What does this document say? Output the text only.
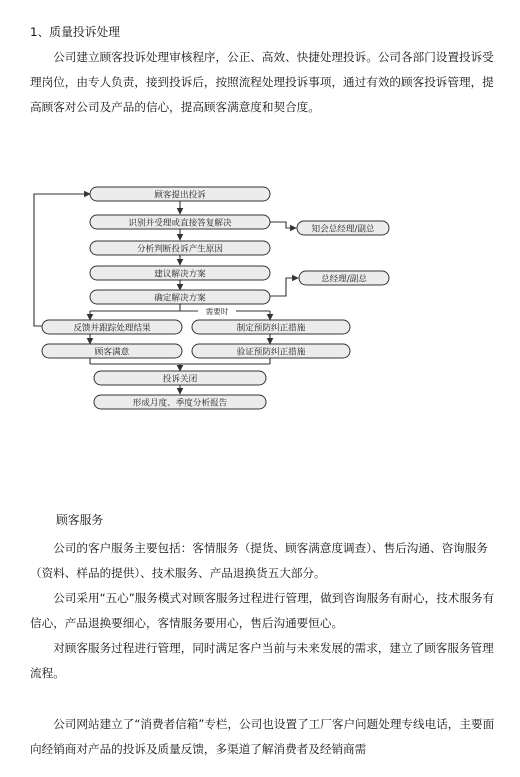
1、质量投诉处理

公司建立顾客投诉处理审核程序，公正、高效、快捷处理投诉。公司各部门设置投诉受理岗位，由专人负责，接到投诉后，按照流程处理投诉事项，通过有效的顾客投诉管理，提高顾客对公司及产品的信心，提高顾客满意度和契合度。

需要时
顾客提出投诉
识别并受理或直接答复解决
分析判断投诉产生原因
建议解决方案
确定解决方案
反馈并跟踪处理结果	制定预防纠正措施
顾客满意	验证预防纠正措施
投诉关闭
形成月度、季度分析报告
知会总经理/副总
总经理/副总

顾客服务

公司的客户服务主要包括：客情服务（提货、顾客满意度调查）、售后沟通、咨询服务（资料、样品的提供）、技术服务、产品退换货五大部分。

公司采用“五心”服务模式对顾客服务过程进行管理，做到咨询服务有耐心，技术服务有信心，产品退换要细心，客情服务要用心，售后沟通要恒心。

对顾客服务过程进行管理，同时满足客户当前与未来发展的需求，建立了顾客服务管理流程。

公司网站建立了“消费者信箱”专栏，公司也设置了工厂客户问题处理专线电话，主要面向经销商对产品的投诉及质量反馈，多渠道了解消费者及经销商需
